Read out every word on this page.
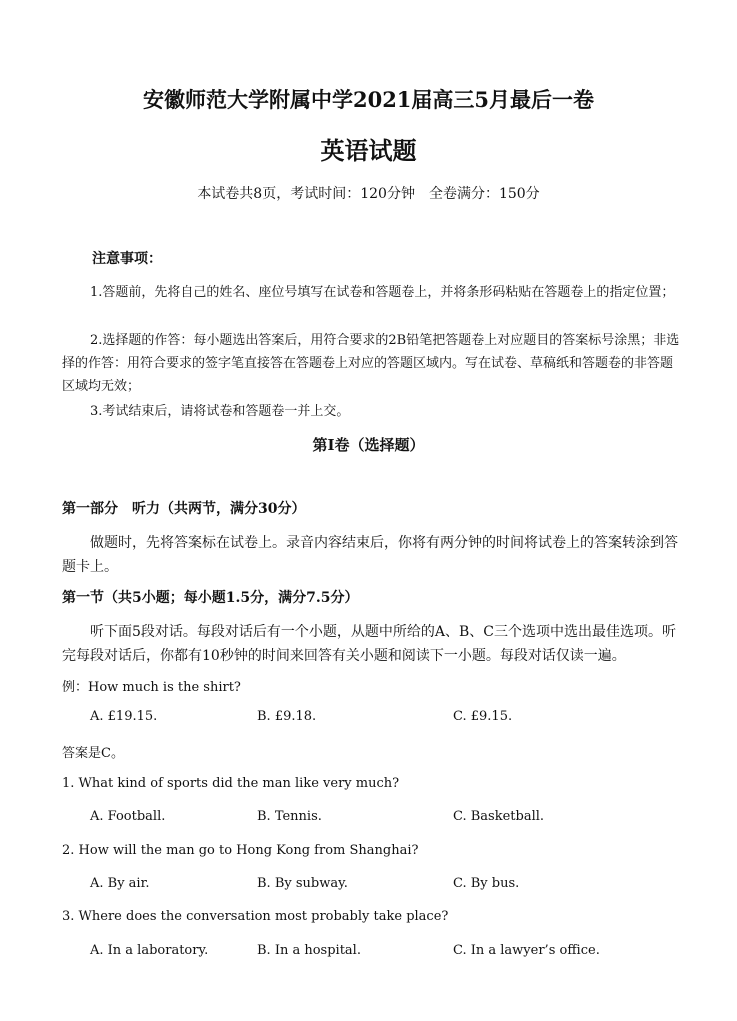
安徽师范大学附属中学2021届高三5月最后一卷
英语试题
本试卷共8页，考试时间：120分钟　全卷满分：150分
注意事项：
1.答题前，先将自己的姓名、座位号填写在试卷和答题卷上，并将条形码粘贴在答题卷上的指定位置；
2.选择题的作答：每小题选出答案后，用符合要求的2B铅笔把答题卷上对应题目的答案标号涂黑；非选择的作答：用符合要求的签字笔直接答在答题卷上对应的答题区域内。写在试卷、草稿纸和答题卷的非答题区域均无效；
3.考试结束后，请将试卷和答题卷一并上交。
第Ⅰ卷（选择题）
第一部分　听力（共两节，满分30分）
做题时，先将答案标在试卷上。录音内容结束后，你将有两分钟的时间将试卷上的答案转涂到答题卡上。
第一节（共5小题；每小题1.5分，满分7.5分）
听下面5段对话。每段对话后有一个小题，从题中所给的A、B、C三个选项中选出最佳选项。听完每段对话后，你都有10秒钟的时间来回答有关小题和阅读下一小题。每段对话仅读一遍。
例：How much is the shirt?
A. £19.15.	B. £9.18.	C. £9.15.
答案是C。
1. What kind of sports did the man like very much?
A. Football.	B. Tennis.	C. Basketball.
2. How will the man go to Hong Kong from Shanghai?
A. By air.	B. By subway.	C. By bus.
3. Where does the conversation most probably take place?
A. In a laboratory.	B. In a hospital.	C. In a lawyer’s office.
